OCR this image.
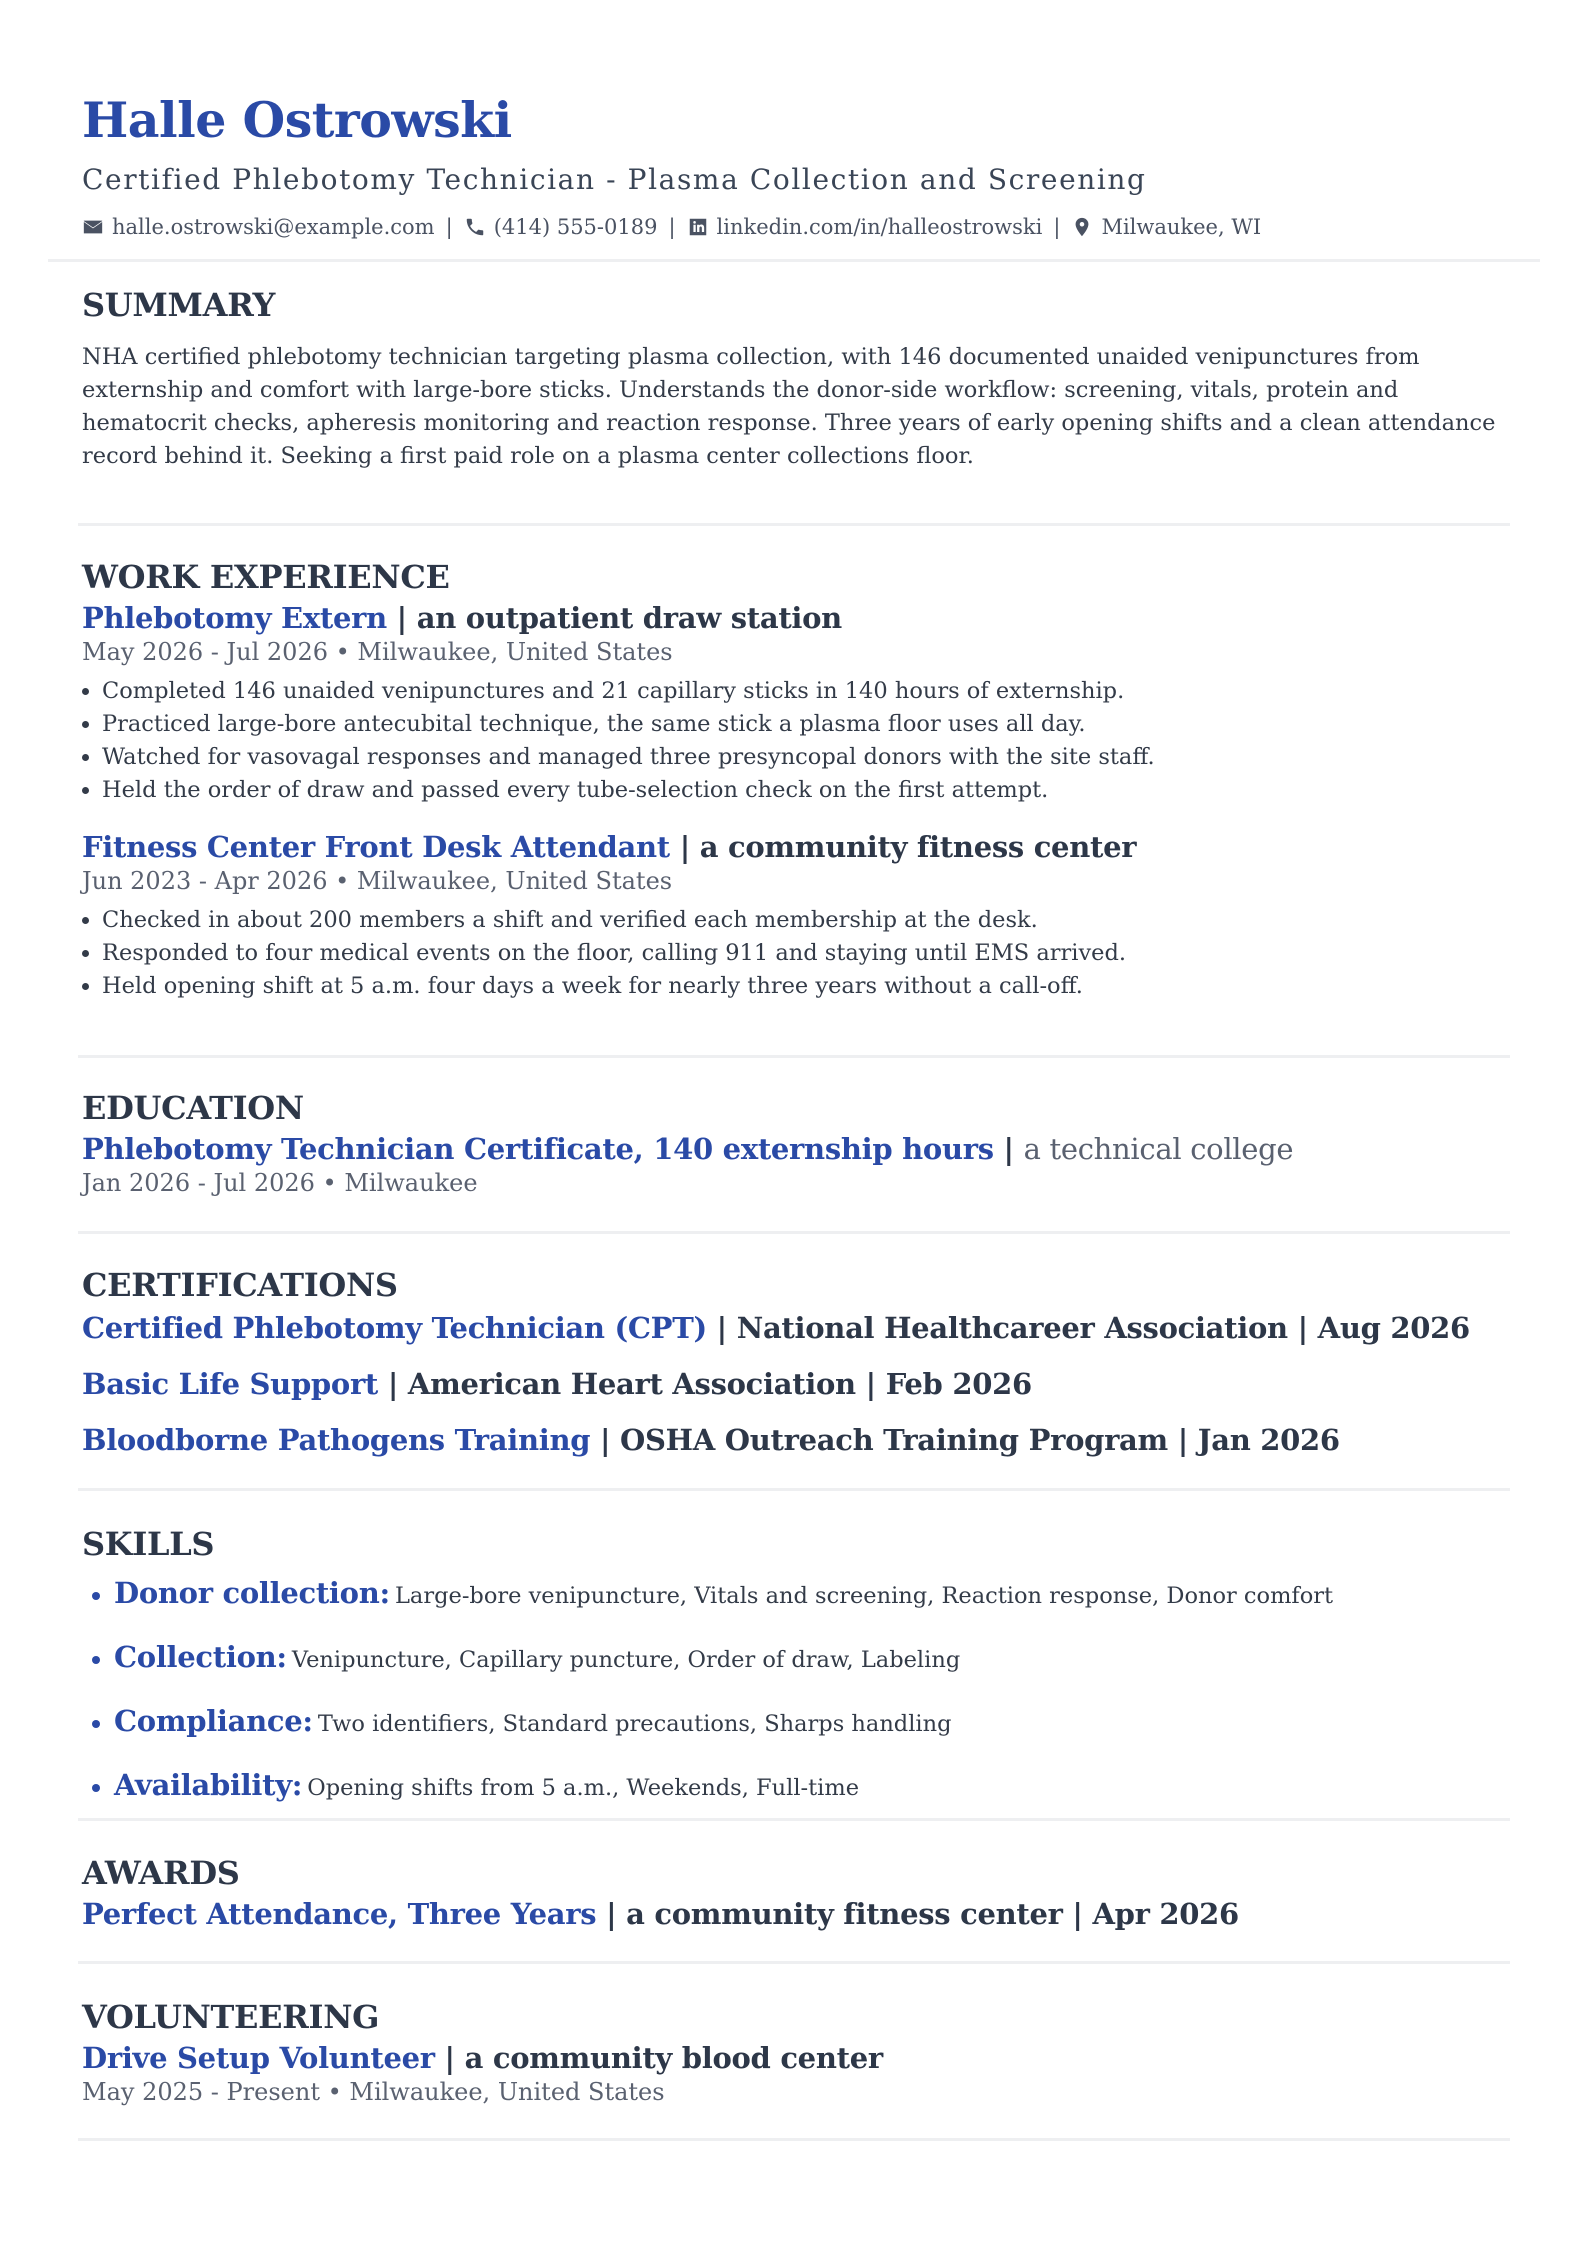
Halle Ostrowski
Certified Phlebotomy Technician - Plasma Collection and Screening
halle.ostrowski@example.com | (414) 555-0189 | linkedin.com/in/halleostrowski | Milwaukee, WI
SUMMARY
NHA certified phlebotomy technician targeting plasma collection, with 146 documented unaided venipunctures from externship and comfort with large-bore sticks. Understands the donor-side workflow: screening, vitals, protein and hematocrit checks, apheresis monitoring and reaction response. Three years of early opening shifts and a clean attendance record behind it. Seeking a first paid role on a plasma center collections floor.
WORK EXPERIENCE
Phlebotomy Extern | an outpatient draw station
May 2026 - Jul 2026 • Milwaukee, United States
• Completed 146 unaided venipunctures and 21 capillary sticks in 140 hours of externship.
• Practiced large-bore antecubital technique, the same stick a plasma floor uses all day.
• Watched for vasovagal responses and managed three presyncopal donors with the site staff.
• Held the order of draw and passed every tube-selection check on the first attempt.
Fitness Center Front Desk Attendant | a community fitness center
Jun 2023 - Apr 2026 • Milwaukee, United States
• Checked in about 200 members a shift and verified each membership at the desk.
• Responded to four medical events on the floor, calling 911 and staying until EMS arrived.
• Held opening shift at 5 a.m. four days a week for nearly three years without a call-off.
EDUCATION
Phlebotomy Technician Certificate, 140 externship hours | a technical college
Jan 2026 - Jul 2026 • Milwaukee
CERTIFICATIONS
Certified Phlebotomy Technician (CPT) | National Healthcareer Association | Aug 2026
Basic Life Support | American Heart Association | Feb 2026
Bloodborne Pathogens Training | OSHA Outreach Training Program | Jan 2026
SKILLS
• Donor collection: Large-bore venipuncture, Vitals and screening, Reaction response, Donor comfort
• Collection: Venipuncture, Capillary puncture, Order of draw, Labeling
• Compliance: Two identifiers, Standard precautions, Sharps handling
• Availability: Opening shifts from 5 a.m., Weekends, Full-time
AWARDS
Perfect Attendance, Three Years | a community fitness center | Apr 2026
VOLUNTEERING
Drive Setup Volunteer | a community blood center
May 2025 - Present • Milwaukee, United States
